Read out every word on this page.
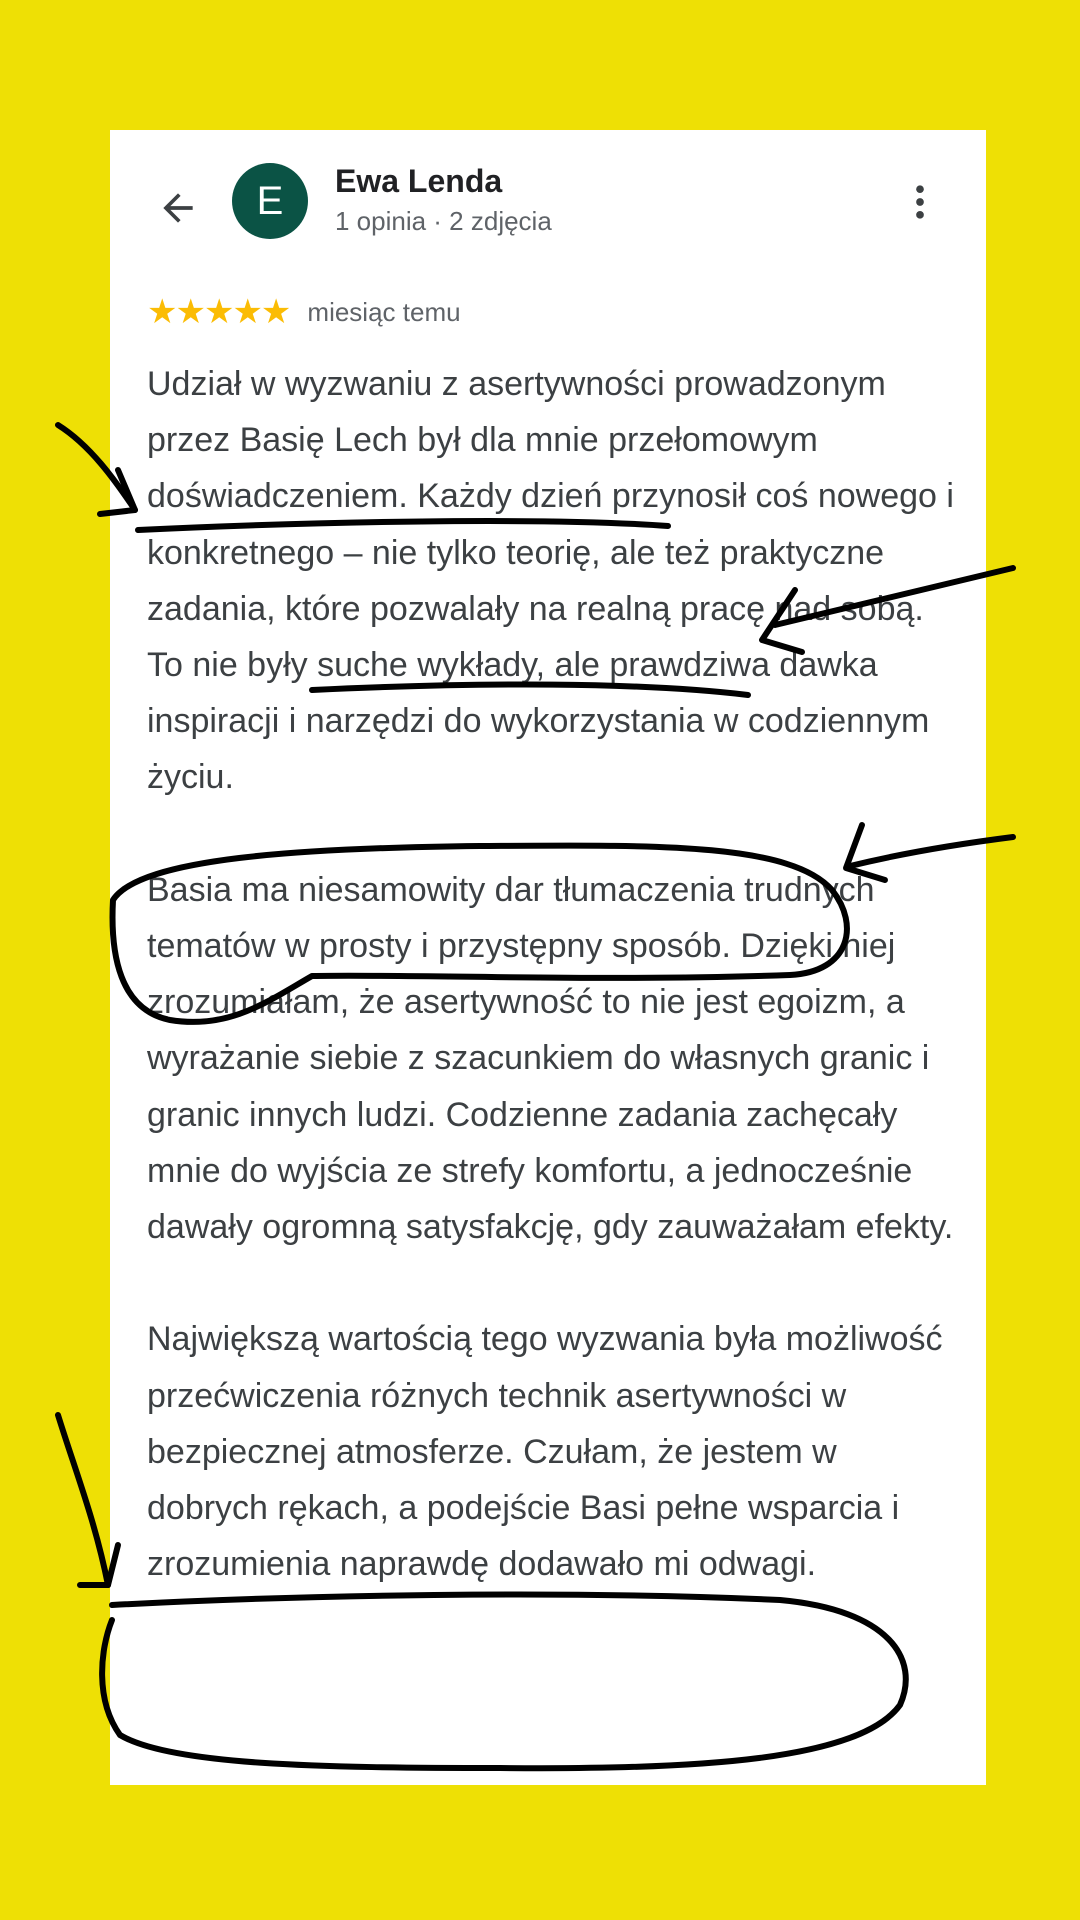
E Ewa Lenda
1 opinia · 2 zdjęcia
★★★★★ miesiąc temu

Udział w wyzwaniu z asertywności prowadzonym przez Basię Lech był dla mnie przełomowym doświadczeniem. Każdy dzień przynosił coś nowego i konkretnego – nie tylko teorię, ale też praktyczne zadania, które pozwalały na realną pracę nad sobą. To nie były suche wykłady, ale prawdziwa dawka inspiracji i narzędzi do wykorzystania w codziennym życiu.

Basia ma niesamowity dar tłumaczenia trudnych tematów w prosty i przystępny sposób. Dzięki niej zrozumiałam, że asertywność to nie jest egoizm, a wyrażanie siebie z szacunkiem do własnych granic i granic innych ludzi. Codzienne zadania zachęcały mnie do wyjścia ze strefy komfortu, a jednocześnie dawały ogromną satysfakcję, gdy zauważałam efekty.

Największą wartością tego wyzwania była możliwość przećwiczenia różnych technik asertywności w bezpiecznej atmosferze. Czułam, że jestem w dobrych rękach, a podejście Basi pełne wsparcia i zrozumienia naprawdę dodawało mi odwagi.
